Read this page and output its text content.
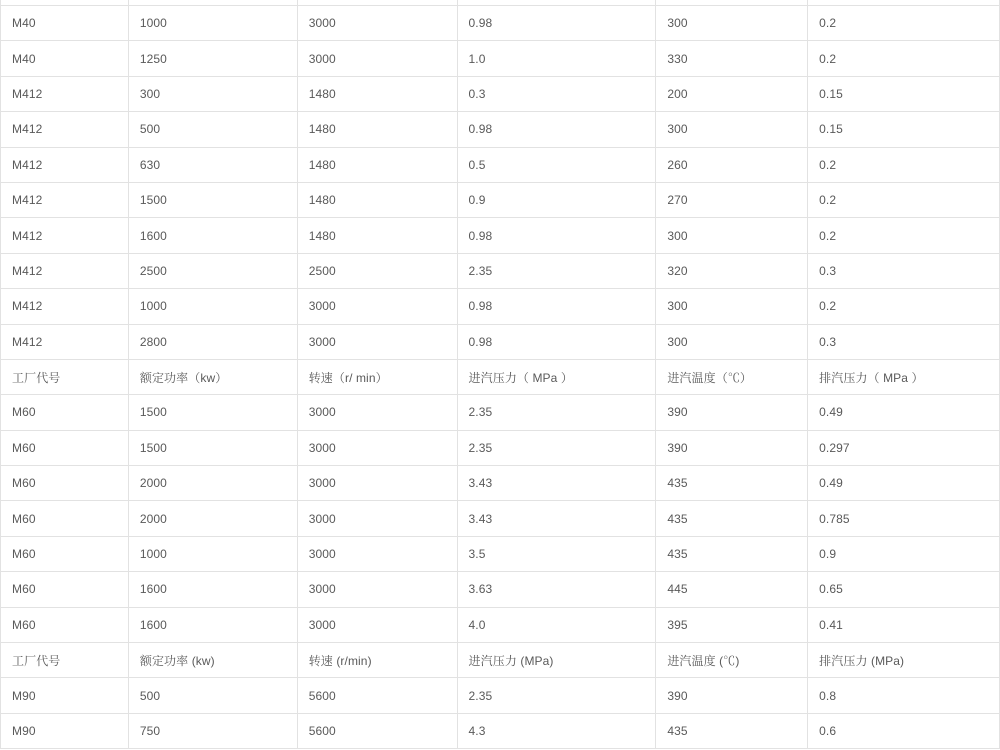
M40	1000	3000	0.98	300	0.2
M40	1250	3000	1.0	330	0.2
M412	300	1480	0.3	200	0.15
M412	500	1480	0.98	300	0.15
M412	630	1480	0.5	260	0.2
M412	1500	1480	0.9	270	0.2
M412	1600	1480	0.98	300	0.2
M412	2500	2500	2.35	320	0.3
M412	1000	3000	0.98	300	0.2
M412	2800	3000	0.98	300	0.3
工厂代号	额定功率（kw）	转速（r/ min）	进汽压力（ MPa ）	进汽温度（℃）	排汽压力（ MPa ）
M60	1500	3000	2.35	390	0.49
M60	1500	3000	2.35	390	0.297
M60	2000	3000	3.43	435	0.49
M60	2000	3000	3.43	435	0.785
M60	1000	3000	3.5	435	0.9
M60	1600	3000	3.63	445	0.65
M60	1600	3000	4.0	395	0.41
工厂代号	额定功率 (kw)	转速 (r/min)	进汽压力 (MPa)	进汽温度 (℃)	排汽压力 (MPa)
M90	500	5600	2.35	390	0.8
M90	750	5600	4.3	435	0.6
